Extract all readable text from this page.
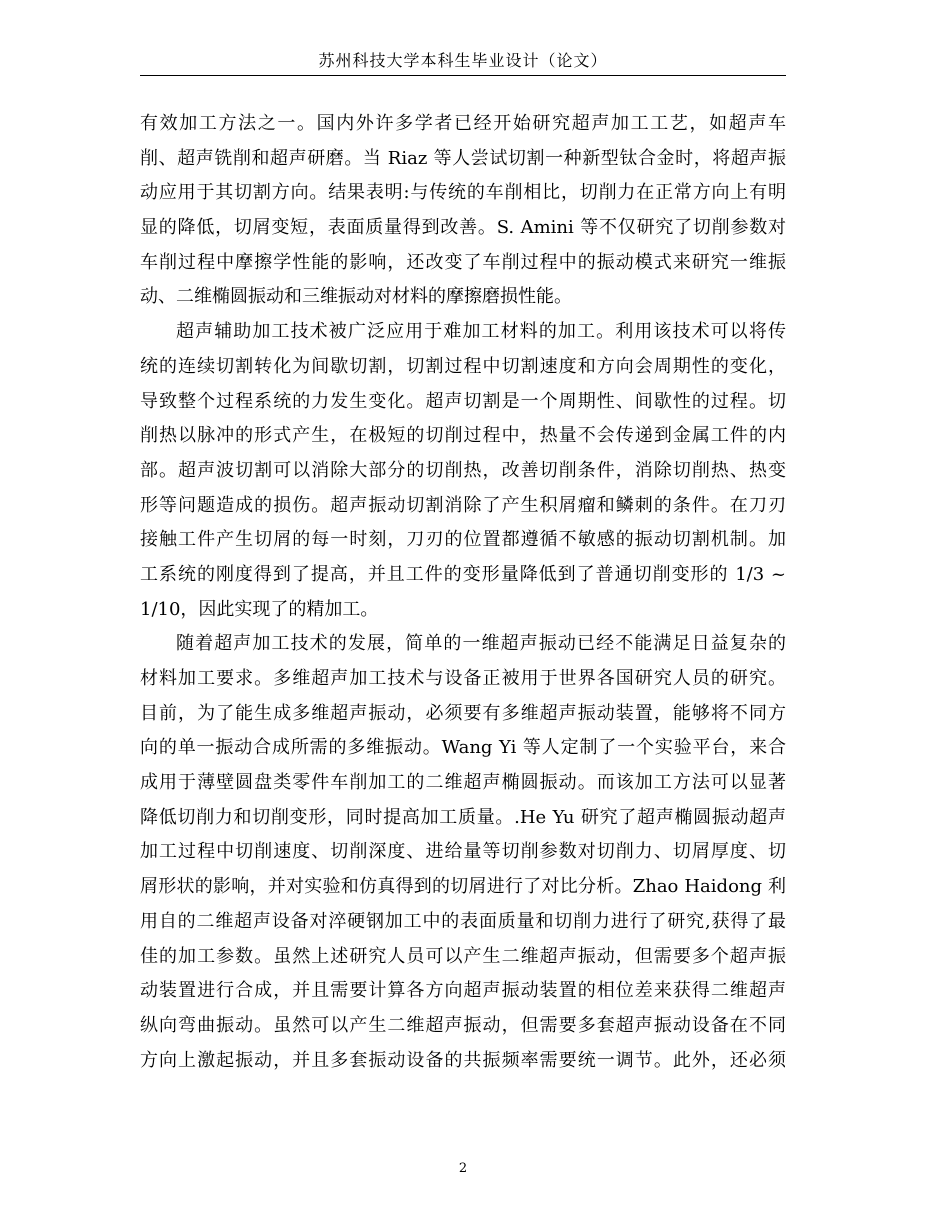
苏州科技大学本科生毕业设计（论文）
有效加工方法之一。国内外许多学者已经开始研究超声加工工艺，如超声车
削、超声铣削和超声研磨。当 Riaz 等人尝试切割一种新型钛合金时，将超声振
动应用于其切割方向。结果表明:与传统的车削相比，切削力在正常方向上有明
显的降低，切屑变短，表面质量得到改善。S. Amini 等不仅研究了切削参数对
车削过程中摩擦学性能的影响，还改变了车削过程中的振动模式来研究一维振
动、二维椭圆振动和三维振动对材料的摩擦磨损性能。
超声辅助加工技术被广泛应用于难加工材料的加工。利用该技术可以将传
统的连续切割转化为间歇切割，切割过程中切割速度和方向会周期性的变化，
导致整个过程系统的力发生变化。超声切割是一个周期性、间歇性的过程。切
削热以脉冲的形式产生，在极短的切削过程中，热量不会传递到金属工件的内
部。超声波切割可以消除大部分的切削热，改善切削条件，消除切削热、热变
形等问题造成的损伤。超声振动切割消除了产生积屑瘤和鳞刺的条件。在刀刃
接触工件产生切屑的每一时刻，刀刃的位置都遵循不敏感的振动切割机制。加
工系统的刚度得到了提高，并且工件的变形量降低到了普通切削变形的 1/3 ~
1/10，因此实现了的精加工。
随着超声加工技术的发展，简单的一维超声振动已经不能满足日益复杂的
材料加工要求。多维超声加工技术与设备正被用于世界各国研究人员的研究。
目前，为了能生成多维超声振动，必须要有多维超声振动装置，能够将不同方
向的单一振动合成所需的多维振动。Wang Yi 等人定制了一个实验平台，来合
成用于薄壁圆盘类零件车削加工的二维超声椭圆振动。而该加工方法可以显著
降低切削力和切削变形，同时提高加工质量。.He Yu 研究了超声椭圆振动超声
加工过程中切削速度、切削深度、进给量等切削参数对切削力、切屑厚度、切
屑形状的影响，并对实验和仿真得到的切屑进行了对比分析。Zhao Haidong 利
用自的二维超声设备对淬硬钢加工中的表面质量和切削力进行了研究,获得了最
佳的加工参数。虽然上述研究人员可以产生二维超声振动，但需要多个超声振
动装置进行合成，并且需要计算各方向超声振动装置的相位差来获得二维超声
纵向弯曲振动。虽然可以产生二维超声振动，但需要多套超声振动设备在不同
方向上激起振动，并且多套振动设备的共振频率需要统一调节。此外，还必须
2
